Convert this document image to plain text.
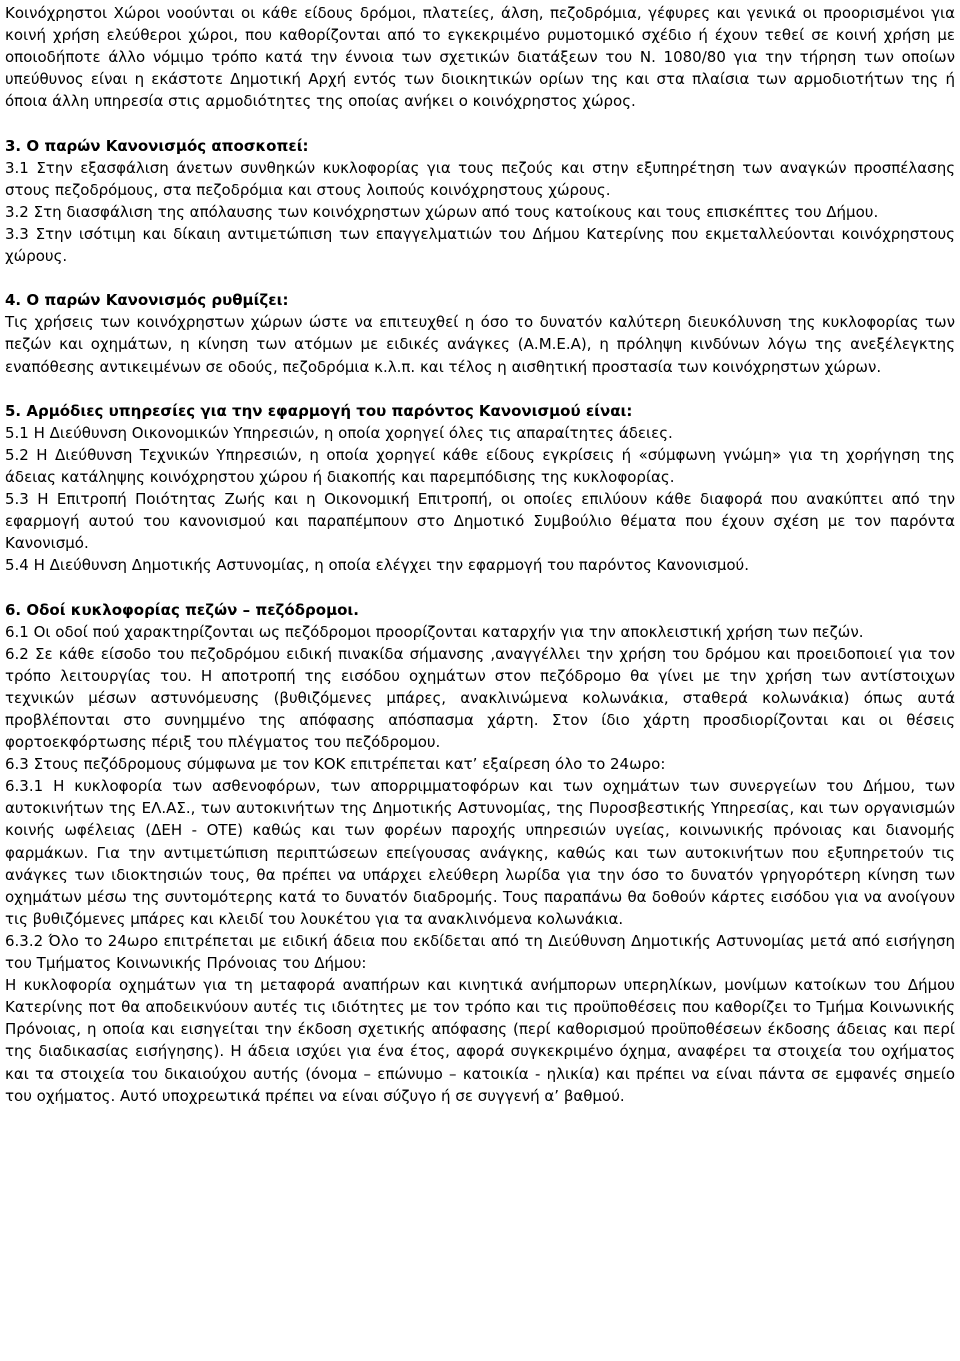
Κοινόχρηστοι Χώροι νοούνται οι κάθε είδους δρόμοι, πλατείες, άλση, πεζοδρόμια, γέφυρες και γενικά οι προορισμένοι για κοινή χρήση ελεύθεροι χώροι, που καθορίζονται από το εγκεκριμένο ρυμοτομικό σχέδιο ή έχουν τεθεί σε κοινή χρήση με οποιοδήποτε άλλο νόμιμο τρόπο κατά την έννοια των σχετικών διατάξεων του Ν. 1080/80 για την τήρηση των οποίων υπεύθυνος είναι η εκάστοτε Δημοτική Αρχή εντός των διοικητικών ορίων της και στα πλαίσια των αρμοδιοτήτων της ή όποια άλλη υπηρεσία στις αρμοδιότητες της οποίας ανήκει ο κοινόχρηστος χώρος.

3. Ο παρών Κανονισμός αποσκοπεί:

3.1 Στην εξασφάλιση άνετων συνθηκών κυκλοφορίας για τους πεζούς και στην εξυπηρέτηση των αναγκών προσπέλασης στους πεζοδρόμους, στα πεζοδρόμια και στους λοιπούς κοινόχρηστους χώρους.

3.2 Στη διασφάλιση της απόλαυσης των κοινόχρηστων χώρων από τους κατοίκους και τους επισκέπτες του Δήμου.

3.3 Στην ισότιμη και δίκαιη αντιμετώπιση των επαγγελματιών του Δήμου Κατερίνης που εκμεταλλεύονται κοινόχρηστους χώρους.

4. Ο παρών Κανονισμός ρυθμίζει:

Τις χρήσεις των κοινόχρηστων χώρων ώστε να επιτευχθεί η όσο το δυνατόν καλύτερη διευκόλυνση της κυκλοφορίας των πεζών και οχημάτων, η κίνηση των ατόμων με ειδικές ανάγκες (Α.Μ.Ε.Α), η πρόληψη κινδύνων λόγω της ανεξέλεγκτης εναπόθεσης αντικειμένων σε οδούς, πεζοδρόμια κ.λ.π. και τέλος η αισθητική προστασία των κοινόχρηστων χώρων.

5. Αρμόδιες υπηρεσίες για την εφαρμογή του παρόντος Κανονισμού είναι:

5.1 Η Διεύθυνση Οικονομικών Υπηρεσιών, η οποία χορηγεί όλες τις απαραίτητες άδειες.

5.2 Η Διεύθυνση Τεχνικών Υπηρεσιών, η οποία χορηγεί κάθε είδους εγκρίσεις ή «σύμφωνη γνώμη» για τη χορήγηση της άδειας κατάληψης κοινόχρηστου χώρου ή διακοπής και παρεμπόδισης της κυκλοφορίας.

5.3 Η Επιτροπή Ποιότητας Ζωής και η Οικονομική Επιτροπή, οι οποίες επιλύουν κάθε διαφορά που ανακύπτει από την εφαρμογή αυτού του κανονισμού και παραπέμπουν στο Δημοτικό Συμβούλιο θέματα που έχουν σχέση με τον παρόντα Κανονισμό.

5.4 Η Διεύθυνση Δημοτικής Αστυνομίας, η οποία ελέγχει την εφαρμογή του παρόντος Κανονισμού.

6. Οδοί κυκλοφορίας πεζών – πεζόδρομοι.

6.1 Οι οδοί πού χαρακτηρίζονται ως πεζόδρομοι προορίζονται καταρχήν για την αποκλειστική χρήση των πεζών.

6.2 Σε κάθε είσοδο του πεζοδρόμου ειδική πινακίδα σήμανσης ,αναγγέλλει την χρήση του δρόμου και προειδοποιεί για τον τρόπο λειτουργίας του. Η αποτροπή της εισόδου οχημάτων στον πεζόδρομο θα γίνει με την χρήση των αντίστοιχων τεχνικών μέσων αστυνόμευσης (βυθιζόμενες μπάρες, ανακλινώμενα κολωνάκια, σταθερά κολωνάκια) όπως αυτά προβλέπονται στο συνημμένο της απόφασης απόσπασμα χάρτη. Στον ίδιο χάρτη προσδιορίζονται και οι θέσεις φορτοεκφόρτωσης πέριξ του πλέγματος του πεζόδρομου.

6.3 Στους πεζόδρομους σύμφωνα με τον ΚΟΚ επιτρέπεται κατ’ εξαίρεση όλο το 24ωρο:

6.3.1 Η κυκλοφορία των ασθενοφόρων, των απορριμματοφόρων και των οχημάτων των συνεργείων του Δήμου, των αυτοκινήτων της ΕΛ.ΑΣ., των αυτοκινήτων της Δημοτικής Αστυνομίας, της Πυροσβεστικής Υπηρεσίας, και των οργανισμών κοινής ωφέλειας (ΔΕΗ - ΟΤΕ) καθώς και των φορέων παροχής υπηρεσιών υγείας, κοινωνικής πρόνοιας και διανομής φαρμάκων. Για την αντιμετώπιση περιπτώσεων επείγουσας ανάγκης, καθώς και των αυτοκινήτων που εξυπηρετούν τις ανάγκες των ιδιοκτησιών τους, θα πρέπει να υπάρχει ελεύθερη λωρίδα για την όσο το δυνατόν γρηγορότερη κίνηση των οχημάτων μέσω της συντομότερης κατά το δυνατόν διαδρομής. Τους παραπάνω θα δοθούν κάρτες εισόδου για να ανοίγουν τις βυθιζόμενες μπάρες και κλειδί του λουκέτου για τα ανακλινόμενα κολωνάκια.

6.3.2 Όλο το 24ωρο επιτρέπεται με ειδική άδεια που εκδίδεται από τη Διεύθυνση Δημοτικής Αστυνομίας μετά από εισήγηση του Τμήματος Κοινωνικής Πρόνοιας του Δήμου:

Η κυκλοφορία οχημάτων για τη μεταφορά αναπήρων και κινητικά ανήμπορων υπερηλίκων, μονίμων κατοίκων του Δήμου Κατερίνης ποτ θα αποδεικνύουν αυτές τις ιδιότητες με τον τρόπο και τις προϋποθέσεις που καθορίζει το Τμήμα Κοινωνικής Πρόνοιας, η οποία και εισηγείται την έκδοση σχετικής απόφασης (περί καθορισμού προϋποθέσεων έκδοσης άδειας και περί της διαδικασίας εισήγησης). Η άδεια ισχύει για ένα έτος, αφορά συγκεκριμένο όχημα, αναφέρει τα στοιχεία του οχήματος και τα στοιχεία του δικαιούχου αυτής (όνομα – επώνυμο – κατοικία - ηλικία) και πρέπει να είναι πάντα σε εμφανές σημείο του οχήματος. Αυτό υποχρεωτικά πρέπει να είναι σύζυγο ή σε συγγενή α’ βαθμού.
